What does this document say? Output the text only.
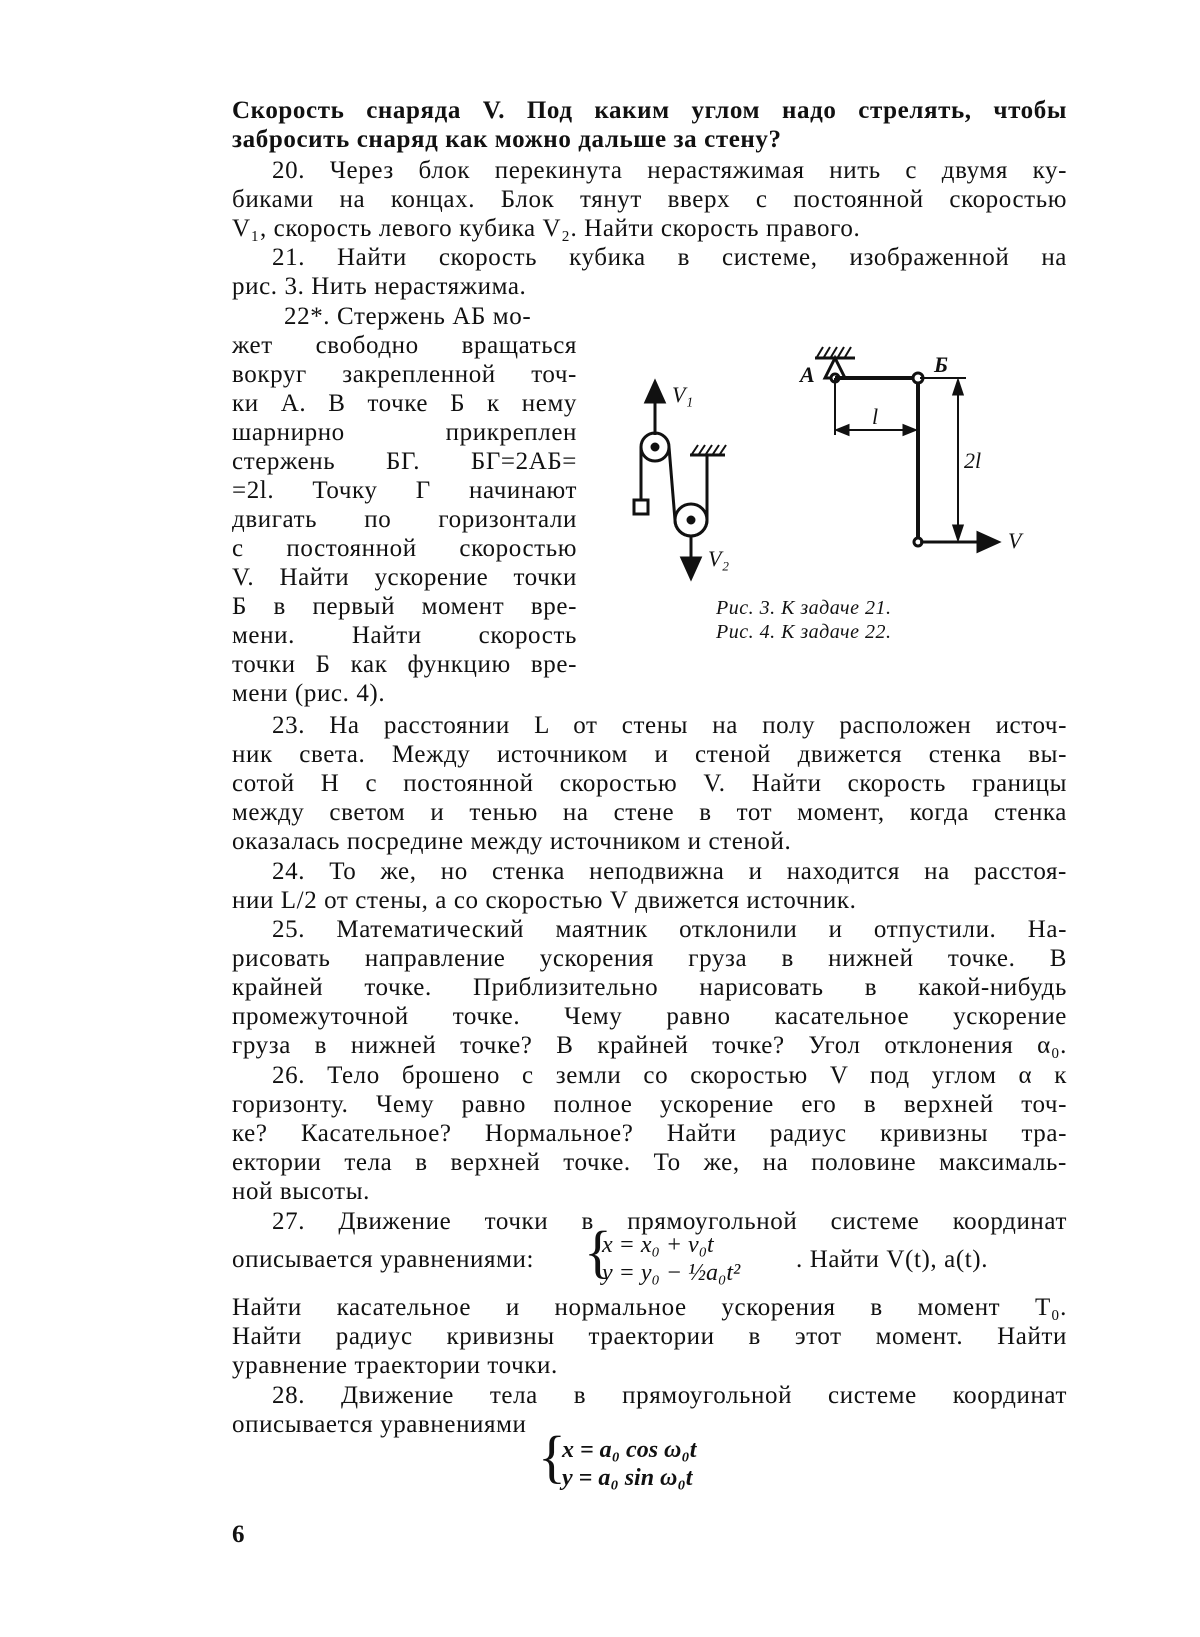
Скорость снаряда V. Под каким углом надо стрелять, чтобы
забросить снаряд как можно дальше за стену?
20. Через блок перекинута нерастяжимая нить с двумя ку-
биками на концах. Блок тянут вверх с постоянной скоростью
V₁, скорость левого кубика V₂. Найти скорость правого.
21. Найти скорость кубика в системе, изображенной на
рис. 3. Нить нерастяжима.
22*. Стержень АБ мо-
жет свободно вращаться
вокруг закрепленной точ-
ки А. В точке Б к нему
шарнирно прикреплен
стержень БГ. БГ=2АБ=
=2l. Точку Г начинают
двигать по горизонтали
с постоянной скоростью
V. Найти ускорение точки
Б в первый момент вре-
мени. Найти скорость
точки Б как функцию вре-
мени (рис. 4).
V₁
V₂
А	Б
l
2l
V
Рис. 3. К задаче 21.
Рис. 4. К задаче 22.
23. На расстоянии L от стены на полу расположен источ-
ник света. Между источником и стеной движется стенка вы-
сотой H с постоянной скоростью V. Найти скорость границы
между светом и тенью на стене в тот момент, когда стенка
оказалась посредине между источником и стеной.
24. То же, но стенка неподвижна и находится на расстоя-
нии L/2 от стены, а со скоростью V движется источник.
25. Математический маятник отклонили и отпустили. На-
рисовать направление ускорения груза в нижней точке. В
крайней точке. Приблизительно нарисовать в какой-нибудь
промежуточной точке. Чему равно касательное ускорение
груза в нижней точке? В крайней точке? Угол отклонения α₀.
26. Тело брошено с земли со скоростью V под углом α к
горизонту. Чему равно полное ускорение его в верхней точ-
ке? Касательное? Нормальное? Найти радиус кривизны тра-
ектории тела в верхней точке. То же, на половине максималь-
ной высоты.
27. Движение точки в прямоугольной системе координат
описывается уравнениями: {
x = x₀ + v₀t
y = y₀ − ½a₀t² . Найти V(t), a(t).
Найти касательное и нормальное ускорения в момент T₀.
Найти радиус кривизны траектории в этот момент. Найти
уравнение траектории точки.
28. Движение тела в прямоугольной системе координат
описывается уравнениями {
x = a₀ cos ω₀t
y = a₀ sin ω₀t
6
